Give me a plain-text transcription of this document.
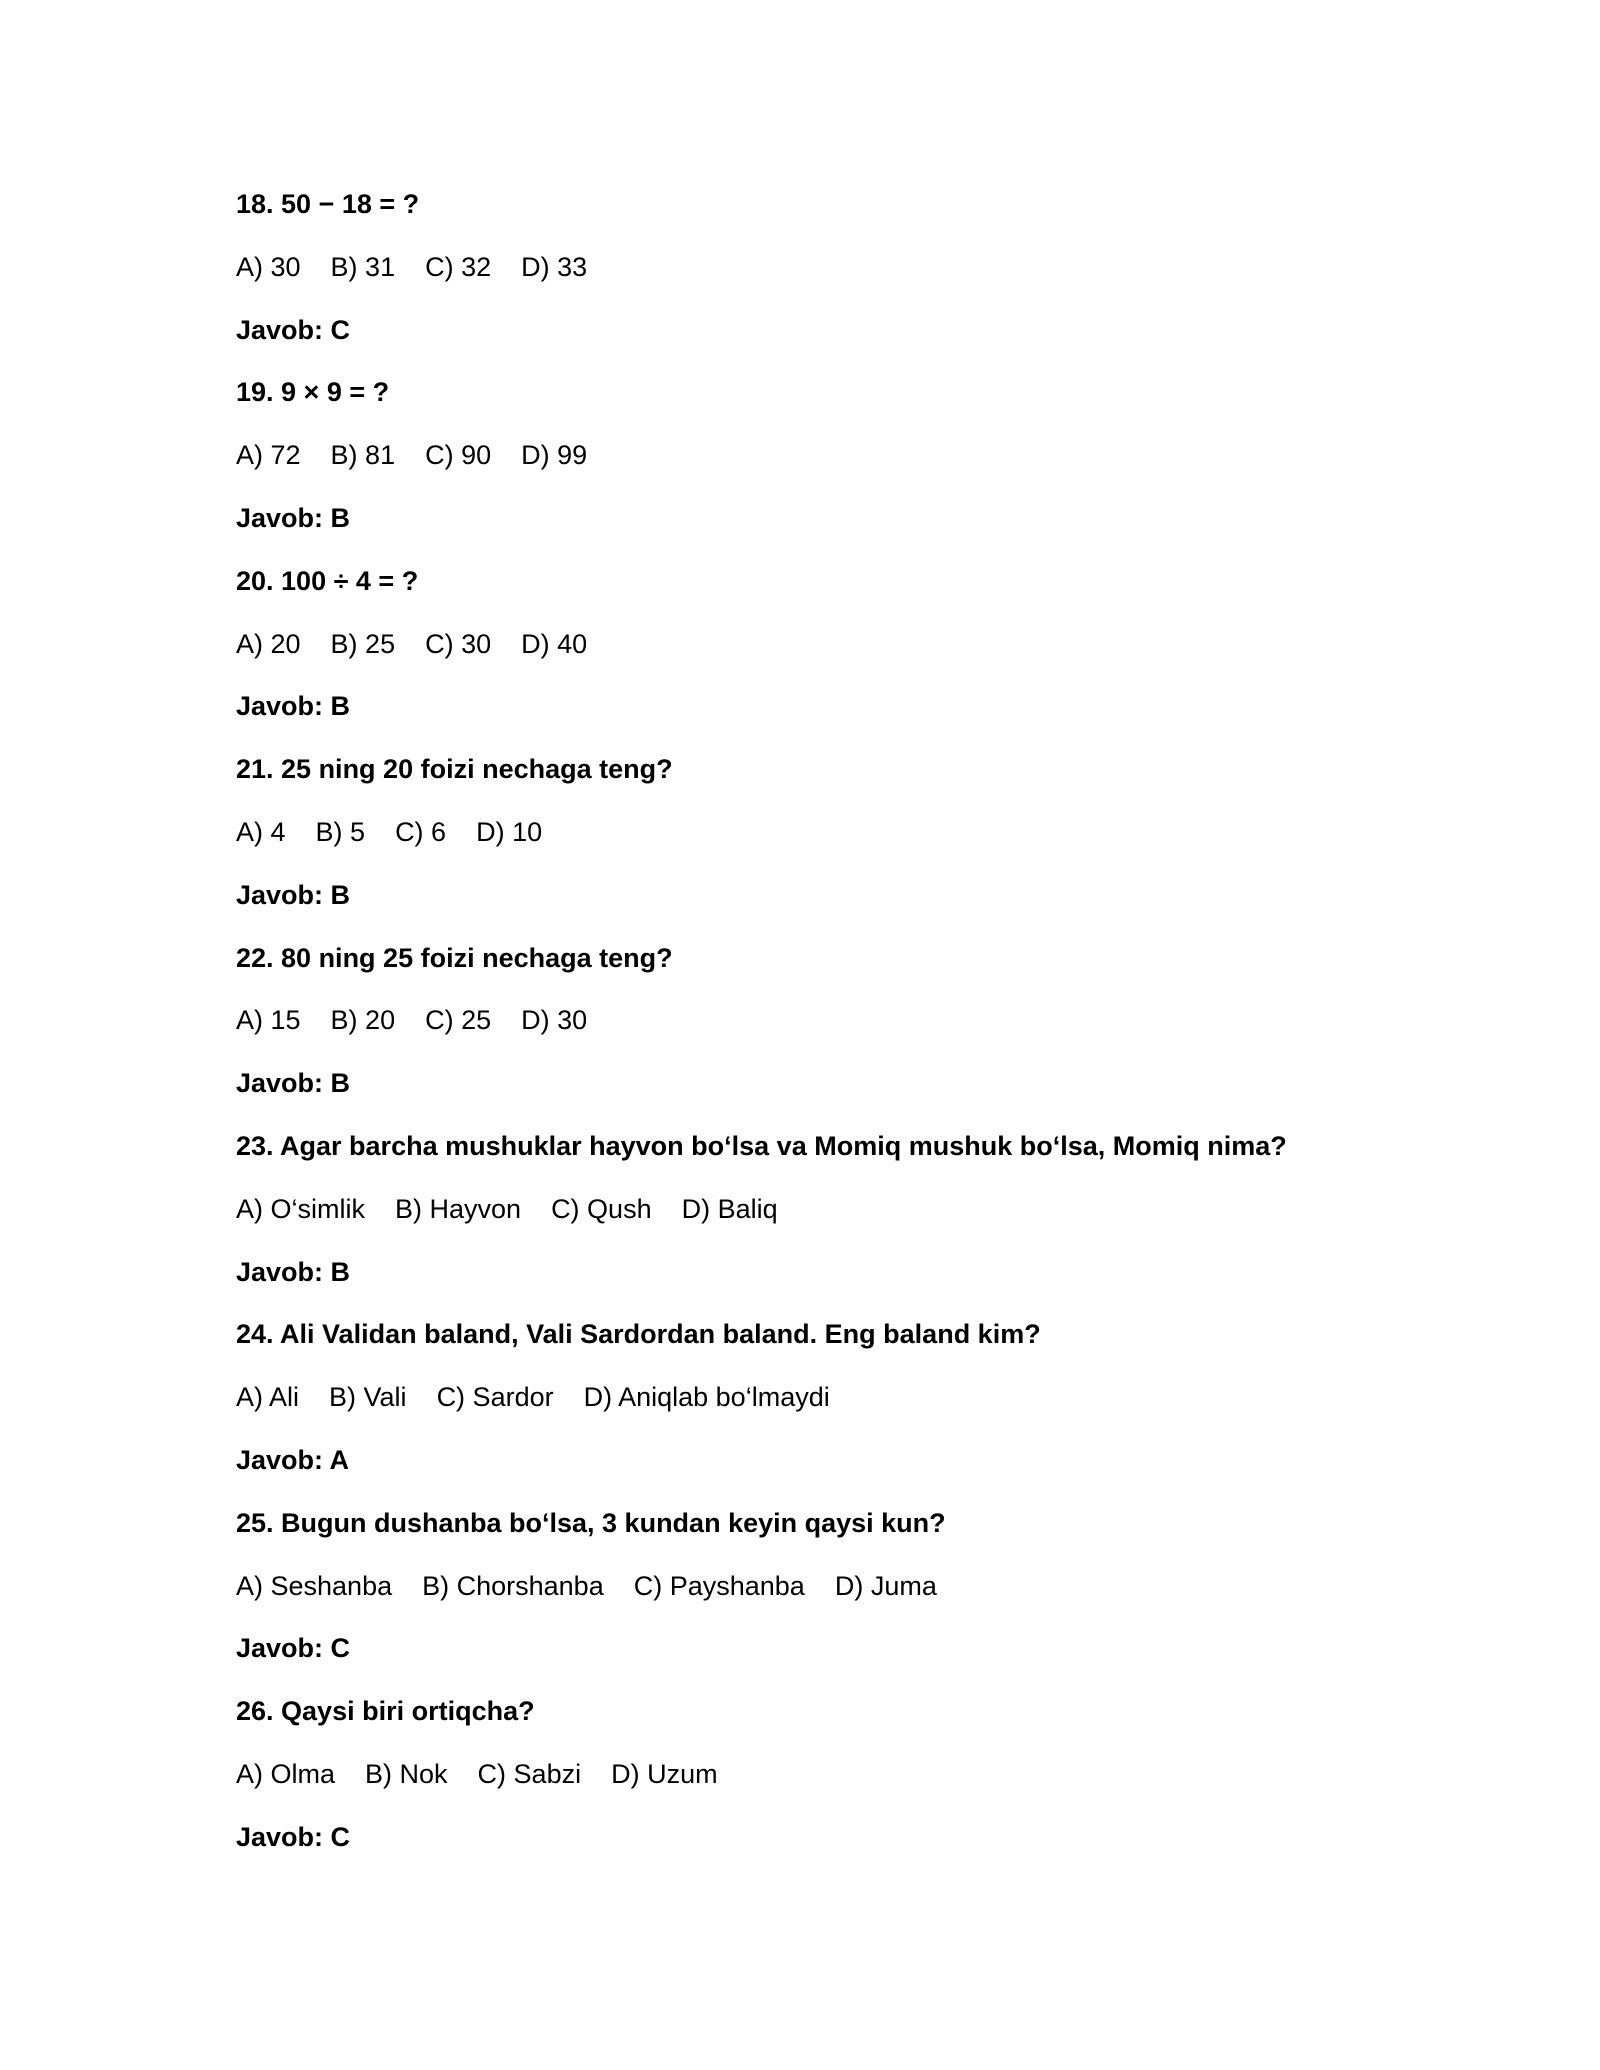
18. 50 − 18 = ?
A) 30 B) 31 C) 32 D) 33
Javob: C
19. 9 × 9 = ?
A) 72 B) 81 C) 90 D) 99
Javob: B
20. 100 ÷ 4 = ?
A) 20 B) 25 C) 30 D) 40
Javob: B
21. 25 ning 20 foizi nechaga teng?
A) 4 B) 5 C) 6 D) 10
Javob: B
22. 80 ning 25 foizi nechaga teng?
A) 15 B) 20 C) 25 D) 30
Javob: B
23. Agar barcha mushuklar hayvon bo‘lsa va Momiq mushuk bo‘lsa, Momiq nima?
A) O‘simlik B) Hayvon C) Qush D) Baliq
Javob: B
24. Ali Validan baland, Vali Sardordan baland. Eng baland kim?
A) Ali B) Vali C) Sardor D) Aniqlab bo‘lmaydi
Javob: A
25. Bugun dushanba bo‘lsa, 3 kundan keyin qaysi kun?
A) Seshanba B) Chorshanba C) Payshanba D) Juma
Javob: C
26. Qaysi biri ortiqcha?
A) Olma B) Nok C) Sabzi D) Uzum
Javob: C
